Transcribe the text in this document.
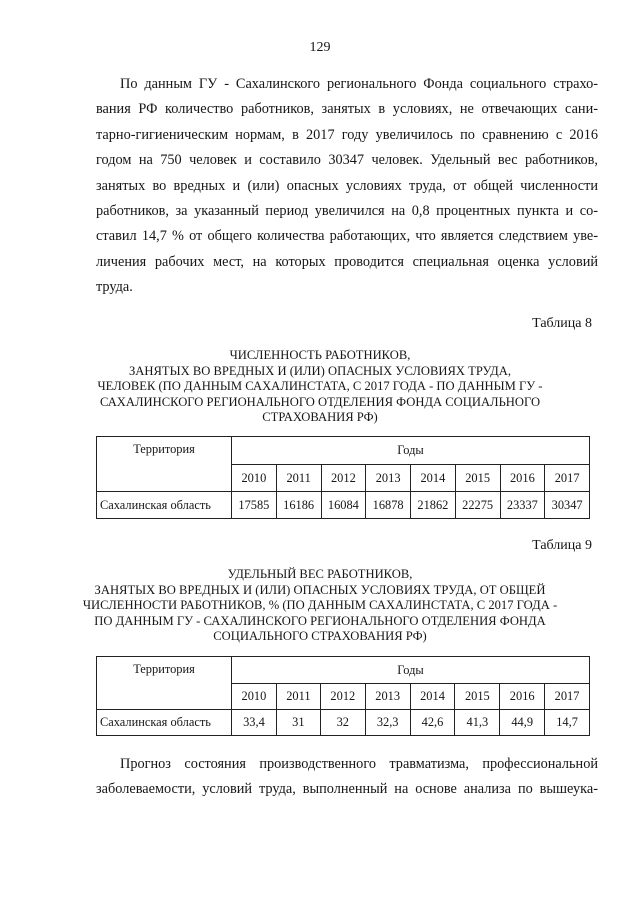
129
По данным ГУ - Сахалинского регионального Фонда социального страхо-
вания РФ количество работников, занятых в условиях, не отвечающих сани-
тарно-гигиеническим нормам, в 2017 году увеличилось по сравнению с 2016
годом на 750 человек и составило 30347 человек. Удельный вес работников,
занятых во вредных и (или) опасных условиях труда, от общей численности
работников, за указанный период увеличился на 0,8 процентных пункта и со-
ставил 14,7 % от общего количества работающих, что является следствием уве-
личения рабочих мест, на которых проводится специальная оценка условий
труда.
Таблица 8
ЧИСЛЕННОСТЬ РАБОТНИКОВ,
ЗАНЯТЫХ ВО ВРЕДНЫХ И (ИЛИ) ОПАСНЫХ УСЛОВИЯХ ТРУДА,
ЧЕЛОВЕК (ПО ДАННЫМ САХАЛИНСТАТА, С 2017 ГОДА - ПО ДАННЫМ ГУ -
САХАЛИНСКОГО РЕГИОНАЛЬНОГО ОТДЕЛЕНИЯ ФОНДА СОЦИАЛЬНОГО
СТРАХОВАНИЯ РФ)
Территория	Годы							
	2010	2011	2012	2013	2014	2015	2016	2017
Сахалинская область	17585	16186	16084	16878	21862	22275	23337	30347
Таблица 9
УДЕЛЬНЫЙ ВЕС РАБОТНИКОВ,
ЗАНЯТЫХ ВО ВРЕДНЫХ И (ИЛИ) ОПАСНЫХ УСЛОВИЯХ ТРУДА, ОТ ОБЩЕЙ
ЧИСЛЕННОСТИ РАБОТНИКОВ, % (ПО ДАННЫМ САХАЛИНСТАТА, С 2017 ГОДА -
ПО ДАННЫМ ГУ - САХАЛИНСКОГО РЕГИОНАЛЬНОГО ОТДЕЛЕНИЯ ФОНДА
СОЦИАЛЬНОГО СТРАХОВАНИЯ РФ)
Территория	Годы							
	2010	2011	2012	2013	2014	2015	2016	2017
Сахалинская область	33,4	31	32	32,3	42,6	41,3	44,9	14,7
Прогноз состояния производственного травматизма, профессиональной
заболеваемости, условий труда, выполненный на основе анализа по вышеука-
